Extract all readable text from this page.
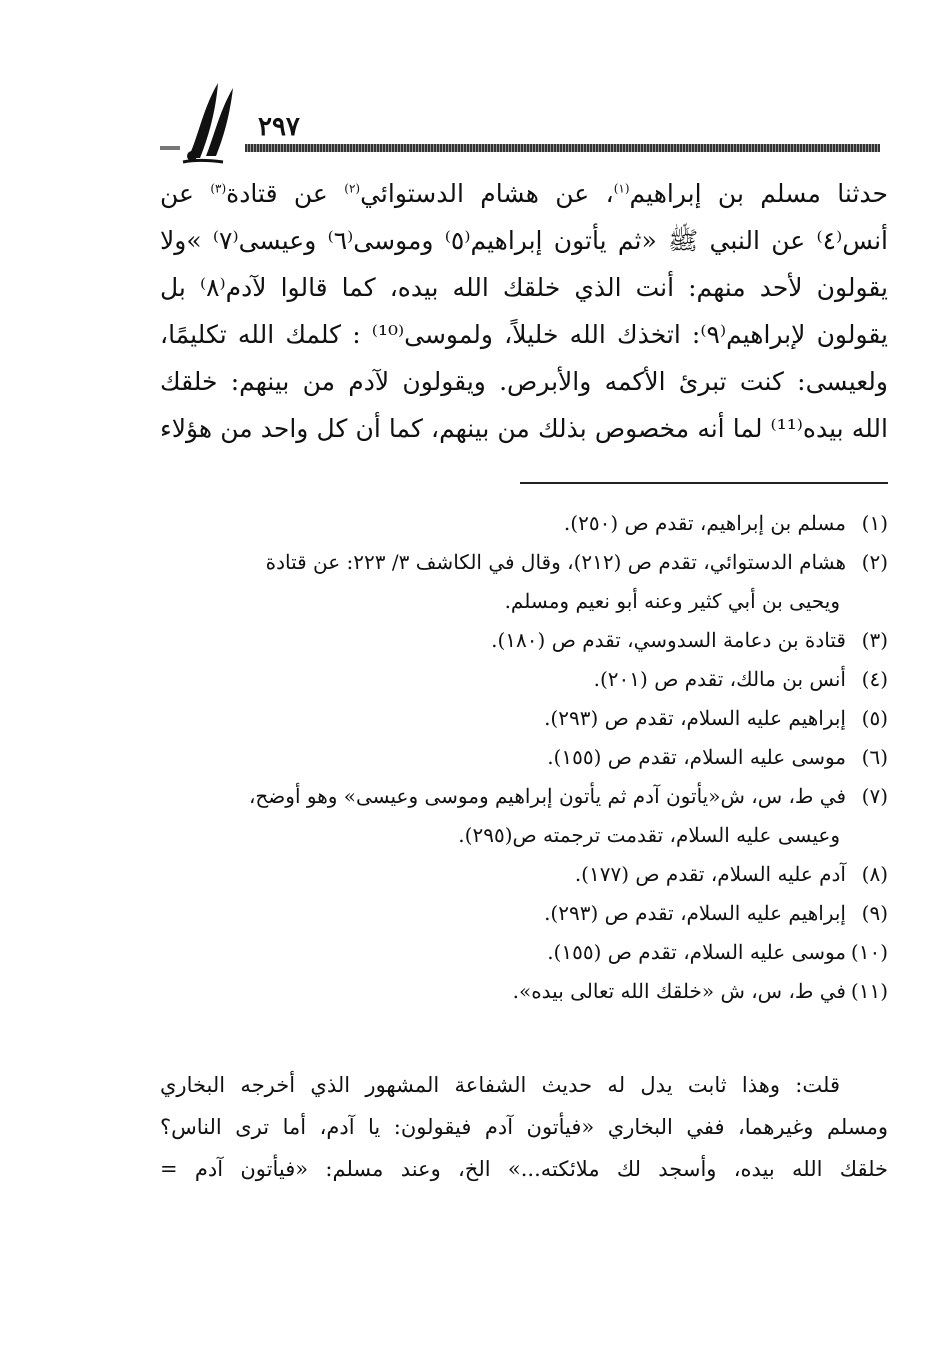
٢٩٧

حدثنا مسلم بن إبراهيم$^{(١)}$، عن هشام الدستوائي$^{(٢)}$ عن قتادة$^{(٣)}$ عن

أنس⁽٤⁾ عن النبي ﷺ «ثم يأتون إبراهيم⁽٥⁾ وموسى⁽٦⁾ وعيسى⁽٧⁾ »ولا

يقولون لأحد منهم: أنت الذي خلقك الله بيده، كما قالوا لآدم⁽٨⁾ بل

يقولون لإبراهيم⁽٩⁾: اتخذك الله خليلاً، ولموسى⁽¹⁰⁾ : كلمك الله تكليمًا،

ولعيسى: كنت تبرئ الأكمه والأبرص. ويقولون لآدم من بينهم: خلقك

الله بيده⁽¹¹⁾ لما أنه مخصوص بذلك من بينهم، كما أن كل واحد من هؤلاء

(١)مسلم بن إبراهيم، تقدم ص (٢٥٠).
(٢)هشام الدستوائي، تقدم ص (٢١٢)، وقال في الكاشف ٣/ ٢٢٣: عن قتادة
ويحيى بن أبي كثير وعنه أبو نعيم ومسلم.
(٣)قتادة بن دعامة السدوسي، تقدم ص (١٨٠).
(٤)أنس بن مالك، تقدم ص (٢٠١).
(٥)إبراهيم عليه السلام، تقدم ص (٢٩٣).
(٦)موسى عليه السلام، تقدم ص (١٥٥).
(٧)في ط، س، ش«يأتون آدم ثم يأتون إبراهيم وموسى وعيسى» وهو أوضح،
وعيسى عليه السلام، تقدمت ترجمته ص(٢٩٥).
(٨)آدم عليه السلام، تقدم ص (١٧٧).
(٩)إبراهيم عليه السلام، تقدم ص (٢٩٣).
(١٠)موسى عليه السلام، تقدم ص (١٥٥).
(١١)في ط، س، ش «خلقك الله تعالى بيده».

قلت: وهذا ثابت يدل له حديث الشفاعة المشهور الذي أخرجه البخاري

ومسلم وغيرهما، ففي البخاري «فيأتون آدم فيقولون: يا آدم، أما ترى الناس؟

خلقك الله بيده، وأسجد لك ملائكته...» الخ، وعند مسلم: «فيأتون آدم =
